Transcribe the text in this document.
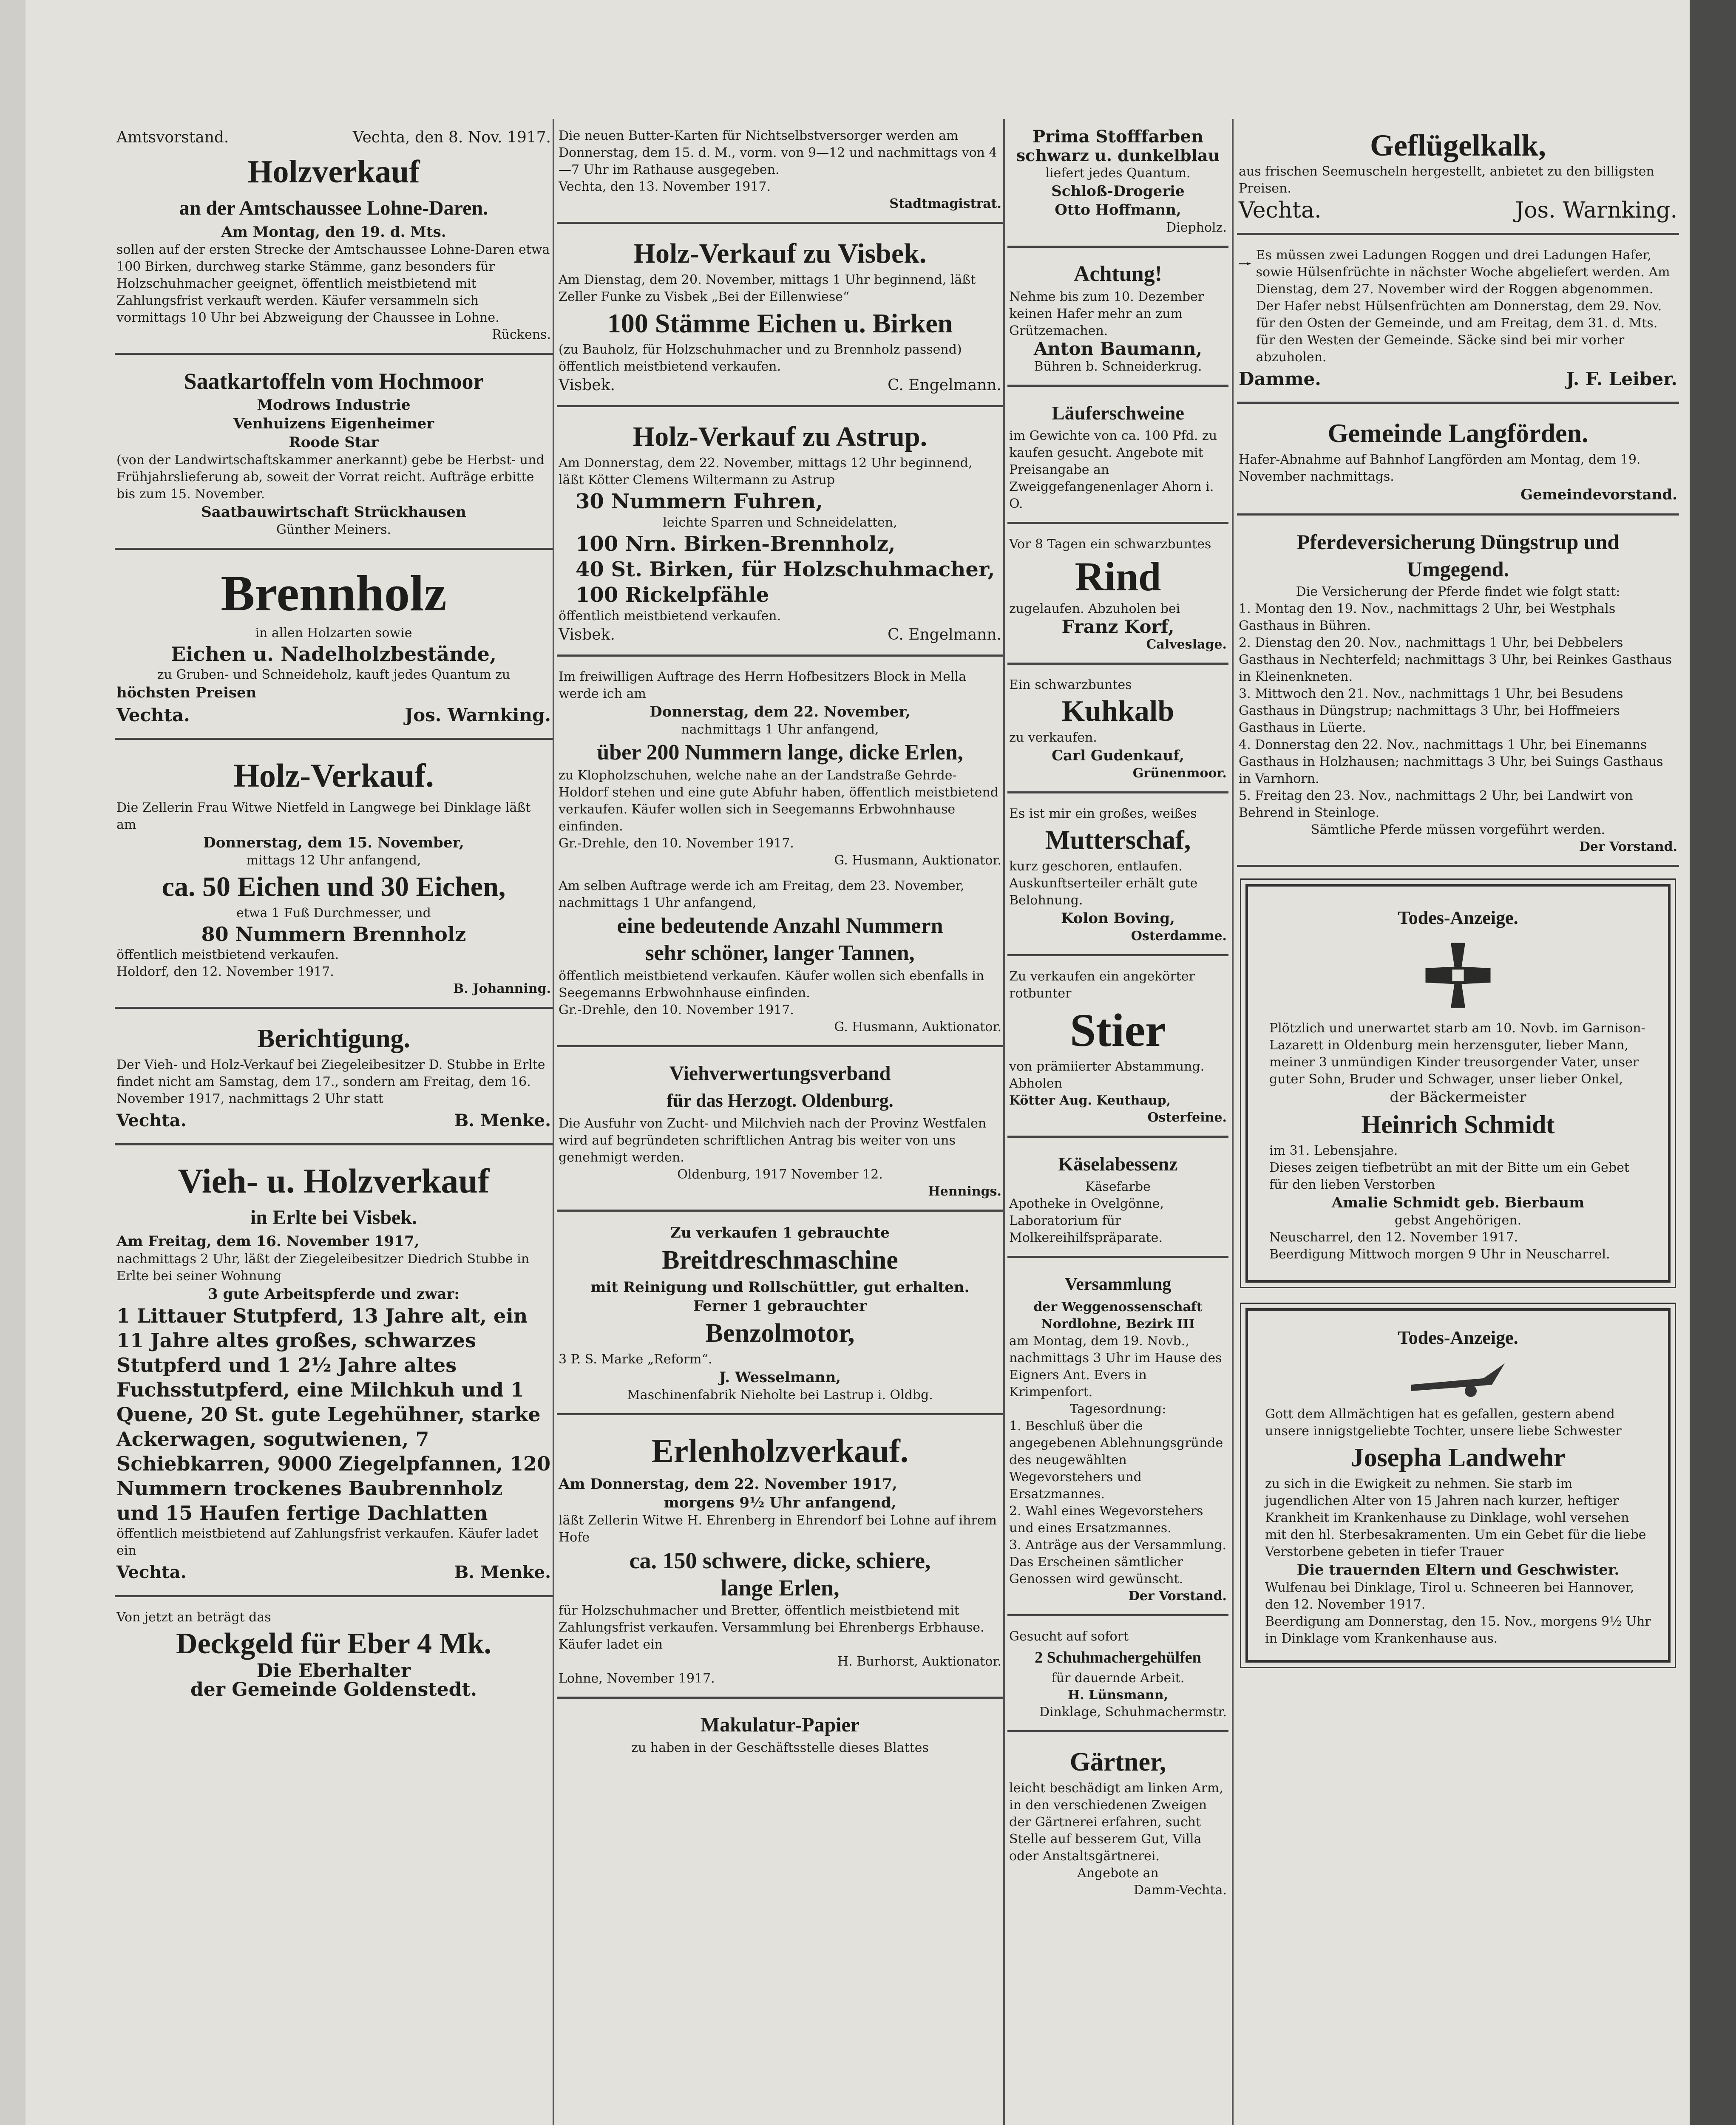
Amtsvorstand.	Vechta, den 8. Nov. 1917.

Holzverkauf

an der Amtschaussee Lohne-Daren.

Am Montag, den 19. d. Mts.

sollen auf der ersten Strecke der Amtschaussee Lohne-Daren etwa 100 Birken, durchweg starke Stämme, ganz besonders für Holzschuhmacher geeignet, öffentlich meistbietend mit Zahlungsfrist verkauft werden. Käufer versammeln sich vormittags 10 Uhr bei Abzweigung der Chaussee in Lohne.

Rückens.

Saatkartoffeln vom Hochmoor

Modrows Industrie

Venhuizens Eigenheimer

Roode Star

(von der Landwirtschaftskammer anerkannt) gebe be Herbst- und Frühjahrslieferung ab, soweit der Vorrat reicht. Aufträge erbitte bis zum 15. November.

Saatbauwirtschaft Strückhausen

Günther Meiners.

Brennholz

in allen Holzarten sowie

Eichen u. Nadelholzbestände,

zu Gruben- und Schneideholz, kauft jedes Quantum zu

höchsten Preisen

Vechta.	Jos. Warnking.

Holz-Verkauf.

Die Zellerin Frau Witwe Nietfeld in Langwege bei Dinklage läßt am

Donnerstag, dem 15. November,

mittags 12 Uhr anfangend,

ca. 50 Eichen und 30 Eichen,

etwa 1 Fuß Durchmesser, und

80 Nummern Brennholz

öffentlich meistbietend verkaufen.

Holdorf, den 12. November 1917.

B. Johanning.

Berichtigung.

Der Vieh- und Holz-Verkauf bei Ziegeleibesitzer D. Stubbe in Erlte findet nicht am Samstag, dem 17., sondern am Freitag, dem 16. November 1917, nachmittags 2 Uhr statt

Vechta.	B. Menke.

Vieh- u. Holzverkauf

in Erlte bei Visbek.

Am Freitag, dem 16. November 1917,

nachmittags 2 Uhr, läßt der Ziegeleibesitzer Diedrich Stubbe in Erlte bei seiner Wohnung

3 gute Arbeitspferde und zwar:

1 Littauer Stutpferd, 13 Jahre alt, ein 11 Jahre altes großes, schwarzes Stutpferd und 1 2½ Jahre altes Fuchsstutpferd, eine Milchkuh und 1 Quene, 20 St. gute Legehühner, starke Ackerwagen, sogutwienen, 7 Schiebkarren, 9000 Ziegelpfannen, 120 Nummern trockenes Baubrennholz und 15 Haufen fertige Dachlatten

öffentlich meistbietend auf Zahlungsfrist verkaufen. Käufer ladet ein

Vechta.	B. Menke.

Von jetzt an beträgt das

Deckgeld für Eber 4 Mk.

Die Eberhalter

der Gemeinde Goldenstedt.

Die neuen Butter-Karten für Nichtselbstversorger werden am Donnerstag, dem 15. d. M., vorm. von 9—12 und nachmittags von 4—7 Uhr im Rathause ausgegeben.

Vechta, den 13. November 1917.

Stadtmagistrat.

Holz-Verkauf zu Visbek.

Am Dienstag, dem 20. November, mittags 1 Uhr beginnend, läßt Zeller Funke zu Visbek „Bei der Eillenwiese“

100 Stämme Eichen u. Birken

(zu Bauholz, für Holzschuhmacher und zu Brennholz passend) öffentlich meistbietend verkaufen.

Visbek.	C. Engelmann.

Holz-Verkauf zu Astrup.

Am Donnerstag, dem 22. November, mittags 12 Uhr beginnend, läßt Kötter Clemens Wiltermann zu Astrup

30 Nummern Fuhren,

leichte Sparren und Schneidelatten,

100 Nrn. Birken-Brennholz,

40 St. Birken, für Holzschuhmacher,

100 Rickelpfähle

öffentlich meistbietend verkaufen.

Visbek.	C. Engelmann.

Im freiwilligen Auftrage des Herrn Hofbesitzers Block in Mella werde ich am

Donnerstag, dem 22. November,

nachmittags 1 Uhr anfangend,

über 200 Nummern lange, dicke Erlen,

zu Klopholzschuhen, welche nahe an der Landstraße Gehrde-Holdorf stehen und eine gute Abfuhr haben, öffentlich meistbietend verkaufen. Käufer wollen sich in Seegemanns Erbwohnhause einfinden.

Gr.-Drehle, den 10. November 1917.

G. Husmann, Auktionator.

Am selben Auftrage werde ich am Freitag, dem 23. November, nachmittags 1 Uhr anfangend,

eine bedeutende Anzahl Nummern

sehr schöner, langer Tannen,

öffentlich meistbietend verkaufen. Käufer wollen sich ebenfalls in Seegemanns Erbwohnhause einfinden.

Gr.-Drehle, den 10. November 1917.

G. Husmann, Auktionator.

Viehverwertungsverband

für das Herzogt. Oldenburg.

Die Ausfuhr von Zucht- und Milchvieh nach der Provinz Westfalen wird auf begründeten schriftlichen Antrag bis weiter von uns genehmigt werden.

Oldenburg, 1917 November 12.

Hennings.

Zu verkaufen 1 gebrauchte

Breitdreschmaschine

mit Reinigung und Rollschüttler, gut erhalten.

Ferner 1 gebrauchter

Benzolmotor,

3 P. S. Marke „Reform“.

J. Wesselmann,

Maschinenfabrik Nieholte bei Lastrup i. Oldbg.

Erlenholzverkauf.

Am Donnerstag, dem 22. November 1917,

morgens 9½ Uhr anfangend,

läßt Zellerin Witwe H. Ehrenberg in Ehrendorf bei Lohne auf ihrem Hofe

ca. 150 schwere, dicke, schiere,

lange Erlen,

für Holzschuhmacher und Bretter, öffentlich meistbietend mit Zahlungsfrist verkaufen. Versammlung bei Ehrenbergs Erbhause. Käufer ladet ein

H. Burhorst, Auktionator.

Lohne, November 1917.

Makulatur-Papier

zu haben in der Geschäftsstelle dieses Blattes

Prima Stofffarben

schwarz u. dunkelblau

liefert jedes Quantum.

Schloß-Drogerie

Otto Hoffmann,

Diepholz.

Achtung!

Nehme bis zum 10. Dezember keinen Hafer mehr an zum Grützemachen.

Anton Baumann,

Bühren b. Schneiderkrug.

Läuferschweine

im Gewichte von ca. 100 Pfd. zu kaufen gesucht. Angebote mit Preisangabe an Zweiggefangenenlager Ahorn i. O.

Vor 8 Tagen ein schwarzbuntes

Rind

zugelaufen. Abzuholen bei

Franz Korf,

Calveslage.

Ein schwarzbuntes

Kuhkalb

zu verkaufen.

Carl Gudenkauf,

Grünenmoor.

Es ist mir ein großes, weißes

Mutterschaf,

kurz geschoren, entlaufen. Auskunftserteiler erhält gute Belohnung.

Kolon Boving,

Osterdamme.

Zu verkaufen ein angekörter rotbunter

Stier

von prämiierter Abstammung. Abholen

Kötter Aug. Keuthaup,

Osterfeine.

Käselabessenz

Käsefarbe

Apotheke in Ovelgönne, Laboratorium für Molkereihilfspräparate.

Versammlung

der Weggenossenschaft

Nordlohne, Bezirk III

am Montag, dem 19. Novb., nachmittags 3 Uhr im Hause des Eigners Ant. Evers in Krimpenfort.

Tagesordnung:

1. Beschluß über die angegebenen Ablehnungsgründe des neugewählten Wegevorstehers und Ersatzmannes.

2. Wahl eines Wegevorstehers und eines Ersatzmannes.

3. Anträge aus der Versammlung.

Das Erscheinen sämtlicher Genossen wird gewünscht.

Der Vorstand.

Gesucht auf sofort

2 Schuhmachergehülfen

für dauernde Arbeit.

H. Lünsmann,

Dinklage, Schuhmachermstr.

Gärtner,

leicht beschädigt am linken Arm, in den verschiedenen Zweigen der Gärtnerei erfahren, sucht Stelle auf besserem Gut, Villa oder Anstaltsgärtnerei.

Angebote an

Damm-Vechta.

Geflügelkalk,

aus frischen Seemuscheln hergestellt, anbietet zu den billigsten Preisen.

Vechta.	Jos. Warnking.

Es müssen zwei Ladungen Roggen und drei Ladungen Hafer, sowie Hülsenfrüchte in nächster Woche abgeliefert werden. Am Dienstag, dem 27. November wird der Roggen abgenommen. Der Hafer nebst Hülsenfrüchten am Donnerstag, dem 29. Nov. für den Osten der Gemeinde, und am Freitag, dem 31. d. Mts. für den Westen der Gemeinde. Säcke sind bei mir vorher abzuholen.

Damme.	J. F. Leiber.

Gemeinde Langförden.

Hafer-Abnahme auf Bahnhof Langförden am Montag, dem 19. November nachmittags.

Gemeindevorstand.

Pferdeversicherung Düngstrup und

Umgegend.

Die Versicherung der Pferde findet wie folgt statt:

1. Montag den 19. Nov., nachmittags 2 Uhr, bei Westphals Gasthaus in Bühren.

2. Dienstag den 20. Nov., nachmittags 1 Uhr, bei Debbelers Gasthaus in Nechterfeld; nachmittags 3 Uhr, bei Reinkes Gasthaus in Kleinenkneten.

3. Mittwoch den 21. Nov., nachmittags 1 Uhr, bei Besudens Gasthaus in Düngstrup; nachmittags 3 Uhr, bei Hoffmeiers Gasthaus in Lüerte.

4. Donnerstag den 22. Nov., nachmittags 1 Uhr, bei Einemanns Gasthaus in Holzhausen; nachmittags 3 Uhr, bei Suings Gasthaus in Varnhorn.

5. Freitag den 23. Nov., nachmittags 2 Uhr, bei Landwirt von Behrend in Steinloge.

Sämtliche Pferde müssen vorgeführt werden.

Der Vorstand.

Todes-Anzeige.

Plötzlich und unerwartet starb am 10. Novb. im Garnison-Lazarett in Oldenburg mein herzensguter, lieber Mann, meiner 3 unmündigen Kinder treusorgender Vater, unser guter Sohn, Bruder und Schwager, unser lieber Onkel,

der Bäckermeister

Heinrich Schmidt

im 31. Lebensjahre.

Dieses zeigen tiefbetrübt an mit der Bitte um ein Gebet für den lieben Verstorben

Amalie Schmidt geb. Bierbaum

gebst Angehörigen.

Neuscharrel, den 12. November 1917.

Beerdigung Mittwoch morgen 9 Uhr in Neuscharrel.

Todes-Anzeige.

Gott dem Allmächtigen hat es gefallen, gestern abend unsere innigstgeliebte Tochter, unsere liebe Schwester

Josepha Landwehr

zu sich in die Ewigkeit zu nehmen. Sie starb im jugendlichen Alter von 15 Jahren nach kurzer, heftiger Krankheit im Krankenhause zu Dinklage, wohl versehen mit den hl. Sterbesakramenten. Um ein Gebet für die liebe Verstorbene gebeten in tiefer Trauer

Die trauernden Eltern und Geschwister.

Wulfenau bei Dinklage, Tirol u. Schneeren bei Hannover, den 12. November 1917.

Beerdigung am Donnerstag, den 15. Nov., morgens 9½ Uhr in Dinklage vom Krankenhause aus.
